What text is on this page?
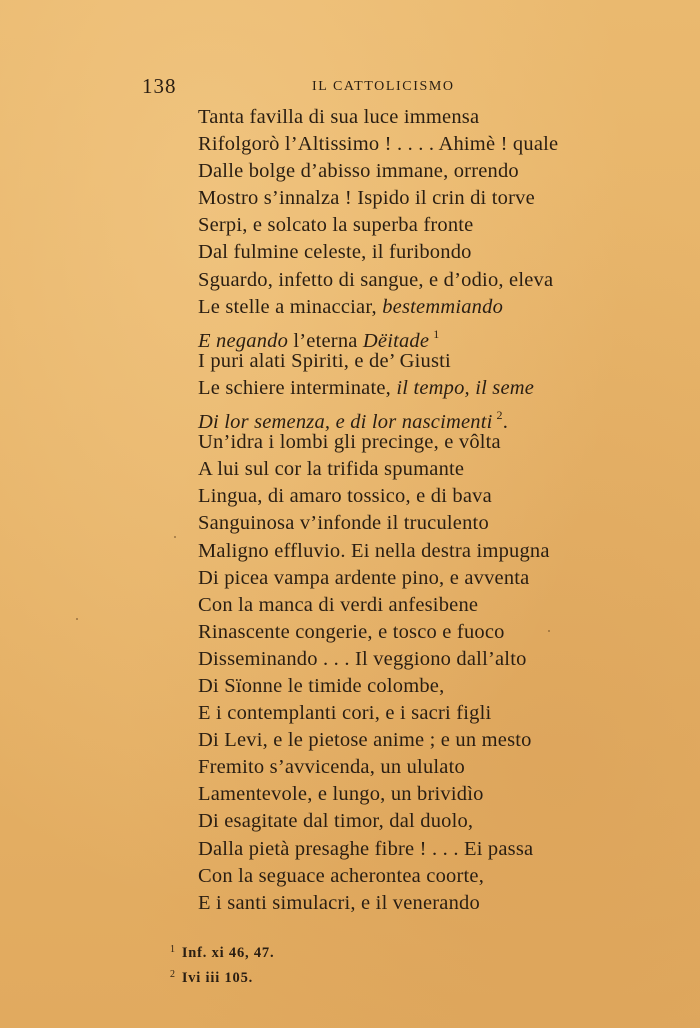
138	IL CATTOLICISMO
Tanta favilla di sua luce immensa
Rifolgorò l’Altissimo ! . . . . Ahimè ! quale
Dalle bolge d’abisso immane, orrendo
Mostro s’innalza ! Ispido il crin di torve
Serpi, e solcato la superba fronte
Dal fulmine celeste, il furibondo
Sguardo, infetto di sangue, e d’odio, eleva
Le stelle a minacciar, bestemmiando
E negando l’eterna Dëitade $^1$
I puri alati Spiriti, e de’ Giusti
Le schiere interminate, il tempo, il seme
Di lor semenza, e di lor nascimenti $^2$.
Un’idra i lombi gli precinge, e vôlta
A lui sul cor la trifida spumante
Lingua, di amaro tossico, e di bava
Sanguinosa v’infonde il truculento
Maligno effluvio. Ei nella destra impugna
Di picea vampa ardente pino, e avventa
Con la manca di verdi anfesibene
Rinascente congerie, e tosco e fuoco
Disseminando . . . Il veggiono dall’alto
Di Sïonne le timide colombe,
E i contemplanti cori, e i sacri figli
Di Levi, e le pietose anime ; e un mesto
Fremito s’avvicenda, un ululato
Lamentevole, e lungo, un brividìo
Di esagitate dal timor, dal duolo,
Dalla pietà presaghe fibre ! . . . Ei passa
Con la seguace acherontea coorte,
E i santi simulacri, e il venerando
$^1$ Inf. xi 46, 47.
$^2$ Ivi iii 105.
